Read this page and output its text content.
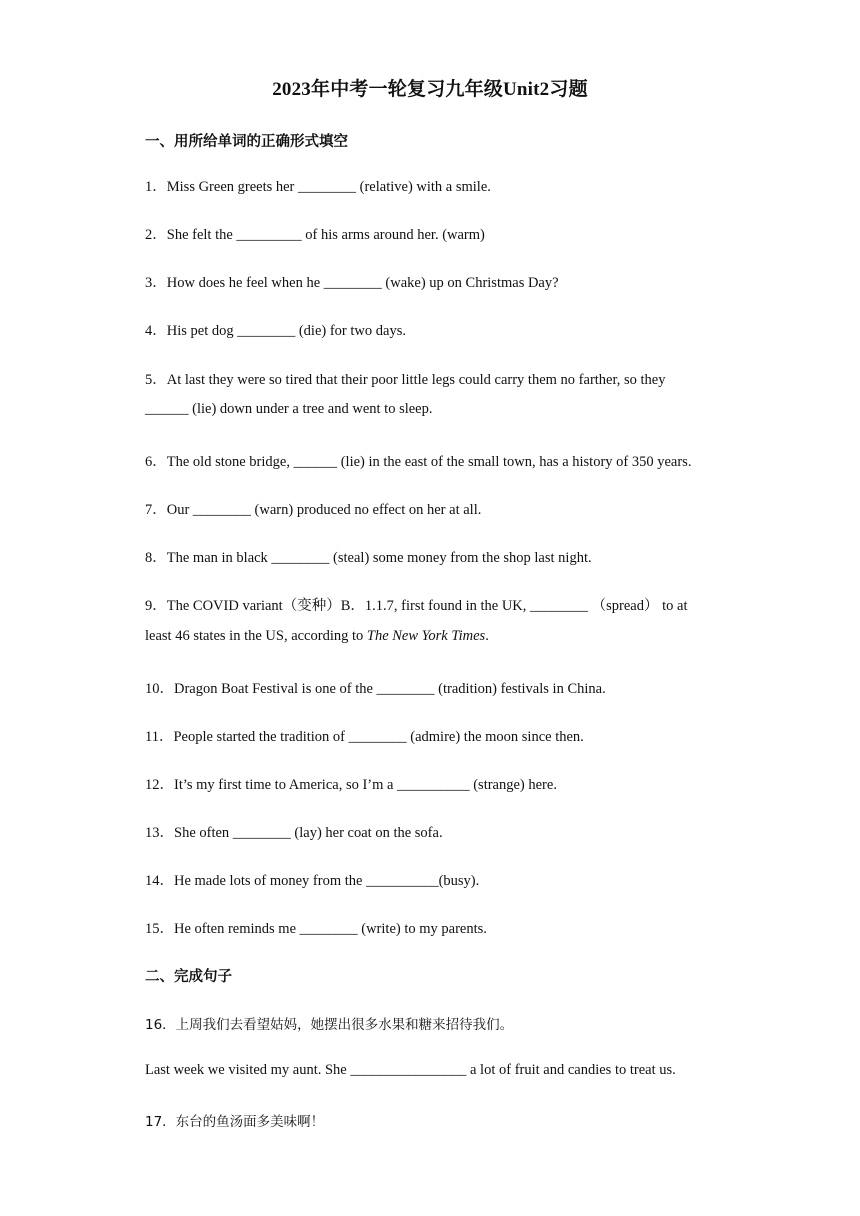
2023年中考一轮复习九年级Unit2习题
一、用所给单词的正确形式填空
1．Miss Green greets her ________ (relative) with a smile.
2．She felt the _________ of his arms around her. (warm)
3．How does he feel when he ________ (wake) up on Christmas Day?
4．His pet dog ________ (die) for two days.
5．At last they were so tired that their poor little legs could carry them no farther, so they
______ (lie) down under a tree and went to sleep.
6．The old stone bridge, ______ (lie) in the east of the small town, has a history of 350 years.
7．Our ________ (warn) produced no effect on her at all.
8．The man in black ________ (steal) some money from the shop last night.
9．The COVID variant（变种）B．1.1.7, first found in the UK, ________ （spread） to at
least 46 states in the US, according to The New York Times.
10．Dragon Boat Festival is one of the ________ (tradition) festivals in China.
11．People started the tradition of ________ (admire) the moon since then.
12．It’s my first time to America, so I’m a __________ (strange) here.
13．She often ________ (lay) her coat on the sofa.
14．He made lots of money from the __________(busy).
15．He often reminds me ________ (write) to my parents.
二、完成句子
16．上周我们去看望姑妈，她摆出很多水果和糖来招待我们。
Last week we visited my aunt. She ________________ a lot of fruit and candies to treat us.
17．东台的鱼汤面多美味啊！
